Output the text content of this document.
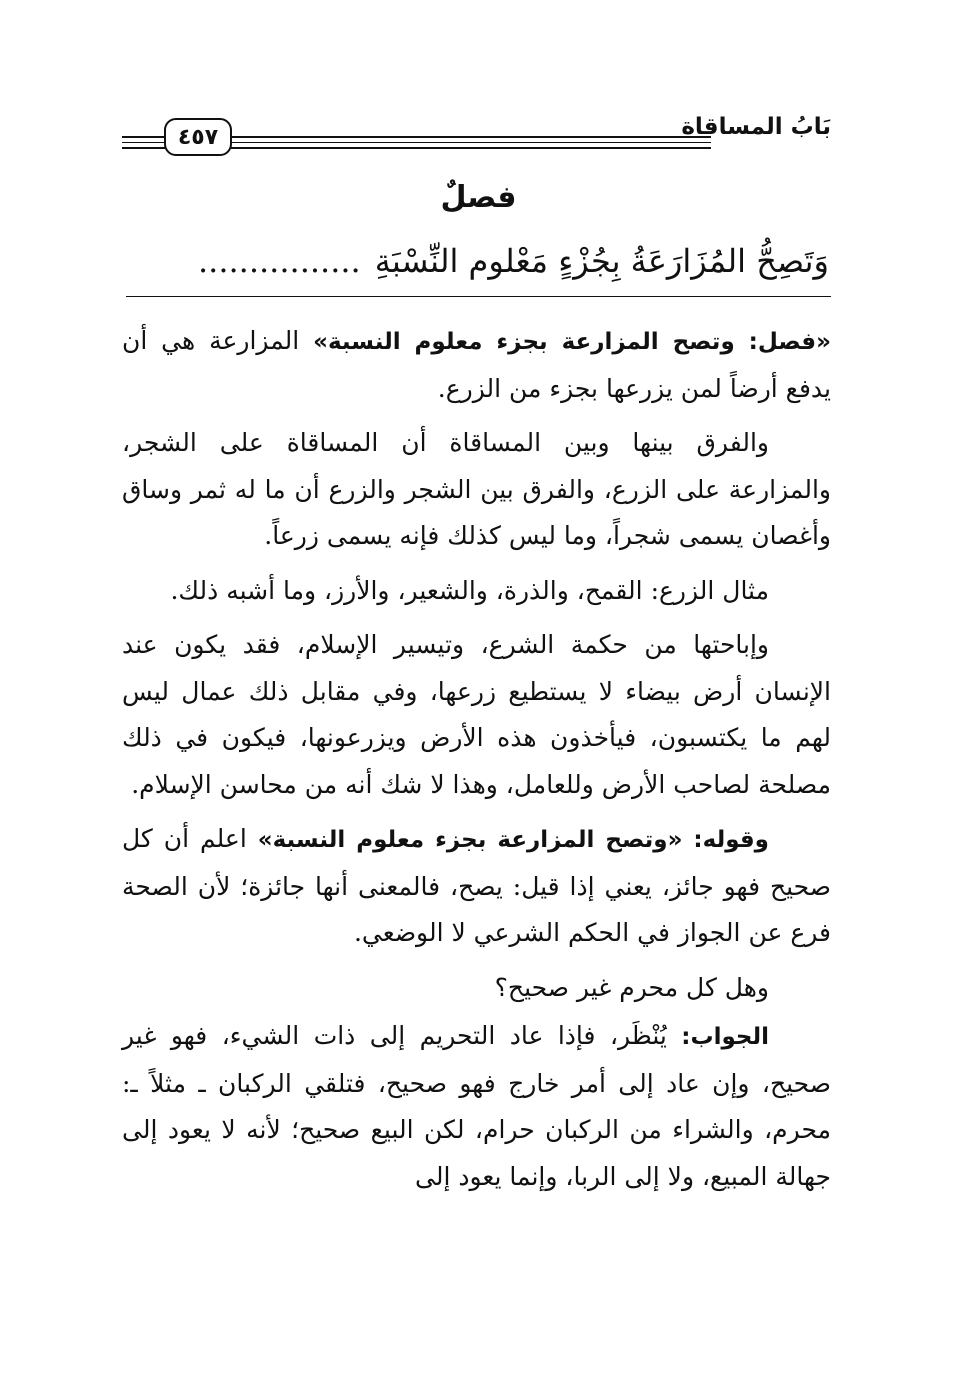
٤٥٧	بَابُ المساقاة
فصلٌ
وَتَصِحُّ المُزَارَعَةُ بِجُزْءٍ مَعْلوم النِّسْبَةِ................

«فصل: وتصح المزارعة بجزء معلوم النسبة» المزارعة هي أن يدفع أرضاً لمن يزرعها بجزء من الزرع.

والفرق بينها وبين المساقاة أن المساقاة على الشجر، والمزارعة على الزرع، والفرق بين الشجر والزرع أن ما له ثمر وساق وأغصان يسمى شجراً، وما ليس كذلك فإنه يسمى زرعاً.

مثال الزرع: القمح، والذرة، والشعير، والأرز، وما أشبه ذلك.

وإباحتها من حكمة الشرع، وتيسير الإسلام، فقد يكون عند الإنسان أرض بيضاء لا يستطيع زرعها، وفي مقابل ذلك عمال ليس لهم ما يكتسبون، فيأخذون هذه الأرض ويزرعونها، فيكون في ذلك مصلحة لصاحب الأرض وللعامل، وهذا لا شك أنه من محاسن الإسلام.

وقوله: «وتصح المزارعة بجزء معلوم النسبة» اعلم أن كل صحيح فهو جائز، يعني إذا قيل: يصح، فالمعنى أنها جائزة؛ لأن الصحة فرع عن الجواز في الحكم الشرعي لا الوضعي.

وهل كل محرم غير صحيح؟

الجواب: يُنْظَر، فإذا عاد التحريم إلى ذات الشيء، فهو غير صحيح، وإن عاد إلى أمر خارج فهو صحيح، فتلقي الركبان ـ مثلاً ـ: محرم، والشراء من الركبان حرام، لكن البيع صحيح؛ لأنه لا يعود إلى جهالة المبيع، ولا إلى الربا، وإنما يعود إلى
